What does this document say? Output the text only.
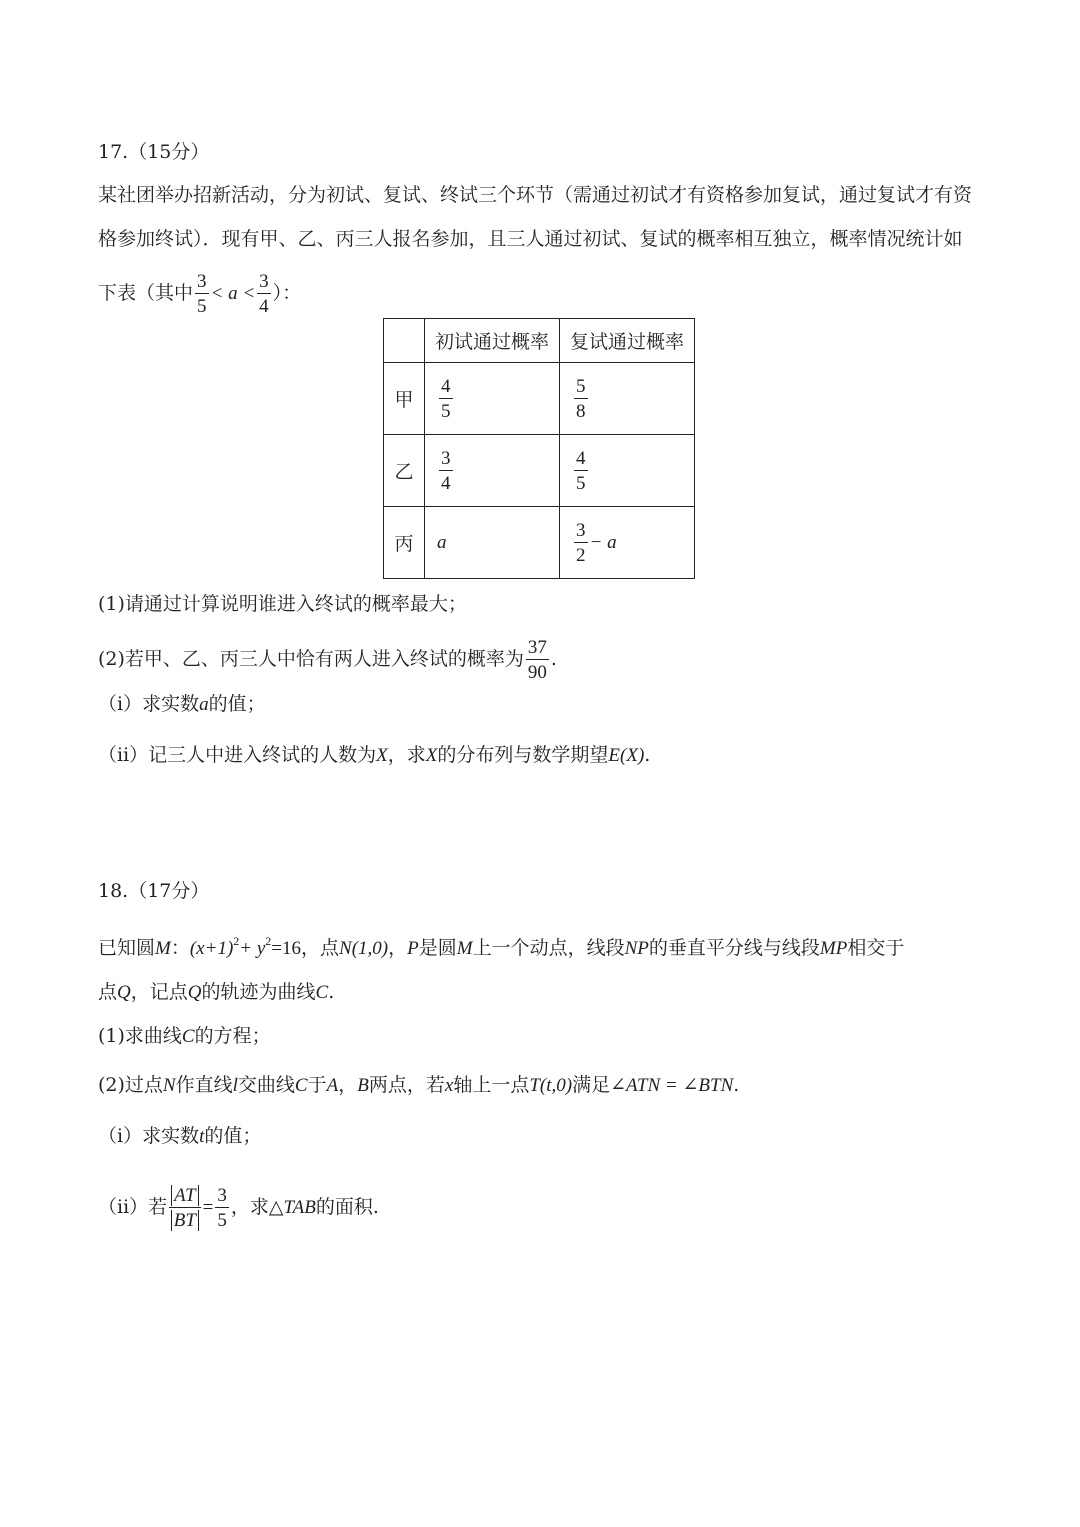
17.（15分）
某社团举办招新活动，分为初试、复试、终试三个环节（需通过初试才有资格参加复试，通过复试才有资
格参加终试）．现有甲、乙、丙三人报名参加，且三人通过初试、复试的概率相互独立，概率情况统计如
下表（其中 $\frac{3}{5} < a < \frac{3}{4}$ ）：
	初试通过概率	复试通过概率
甲	$\frac{4}{5}$	$\frac{5}{8}$

乙	$\frac{3}{4}$	$\frac{4}{5}$

丙	a	$\frac{3}{2} - a$
(1)请通过计算说明谁进入终试的概率最大；
(2)若甲、乙、丙三人中恰有两人进入终试的概率为 $\frac{37}{90}$ .
（ⅰ）求实数a的值；
（ⅱ）记三人中进入终试的人数为X，求X的分布列与数学期望E(X).
18.（17分）
已知圆M：$(x+1)^2+ y^2=16$，点N(1,0)，P是圆M上一个动点，线段NP的垂直平分线与线段MP相交于
点Q，记点Q的轨迹为曲线C.
(1)求曲线C的方程；
(2)过点N作直线l交曲线C于A，B两点，若x轴上一点T(t,0)满足∠ATN = ∠BTN.
（i）求实数t的值；
（ⅱ）若 $\frac{AT}{BT} = \frac{3}{5}$ ，求△TAB的面积.
